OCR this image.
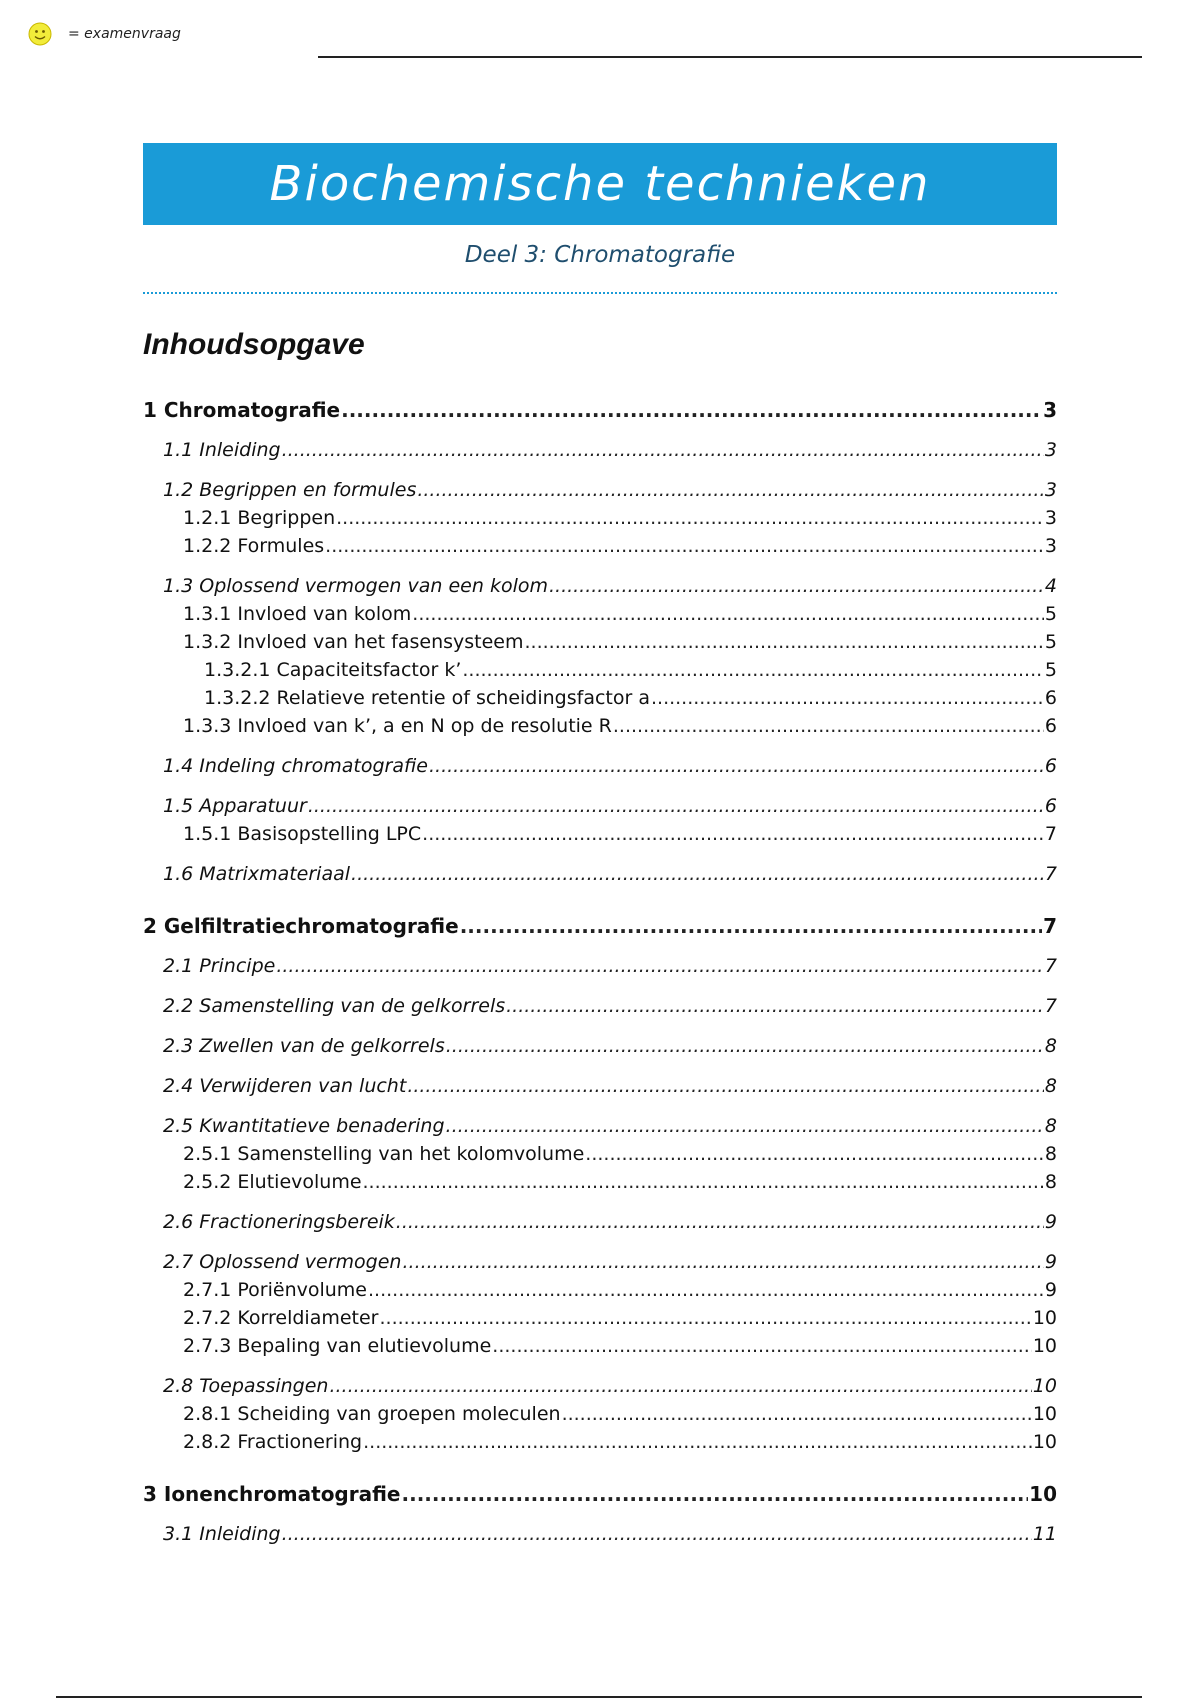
= examenvraag
Biochemische technieken
Deel 3: Chromatografie
Inhoudsopgave
1 Chromatografie .....	3
1.1 Inleiding .....	3
1.2 Begrippen en formules .....	3
1.2.1 Begrippen .....	3
1.2.2 Formules .....	3
1.3 Oplossend vermogen van een kolom .....	4
1.3.1 Invloed van kolom .....	5
1.3.2 Invloed van het fasensysteem .....	5
1.3.2.1 Capaciteitsfactor k’ .....	5
1.3.2.2 Relatieve retentie of scheidingsfactor a .....	6
1.3.3 Invloed van k’, a en N op de resolutie R .....	6
1.4 Indeling chromatografie .....	6
1.5 Apparatuur .....	6
1.5.1 Basisopstelling LPC .....	7
1.6 Matrixmateriaal .....	7
2 Gelfiltratiechromatografie .....	7
2.1 Principe .....	7
2.2 Samenstelling van de gelkorrels .....	7
2.3 Zwellen van de gelkorrels .....	8
2.4 Verwijderen van lucht .....	8
2.5 Kwantitatieve benadering .....	8
2.5.1 Samenstelling van het kolomvolume .....	8
2.5.2 Elutievolume .....	8
2.6 Fractioneringsbereik .....	9
2.7 Oplossend vermogen .....	9
2.7.1 Poriënvolume .....	9
2.7.2 Korreldiameter .....	10
2.7.3 Bepaling van elutievolume .....	10
2.8 Toepassingen .....	10
2.8.1 Scheiding van groepen moleculen .....	10
2.8.2 Fractionering .....	10
3 Ionenchromatografie .....	10
3.1 Inleiding .....	11
